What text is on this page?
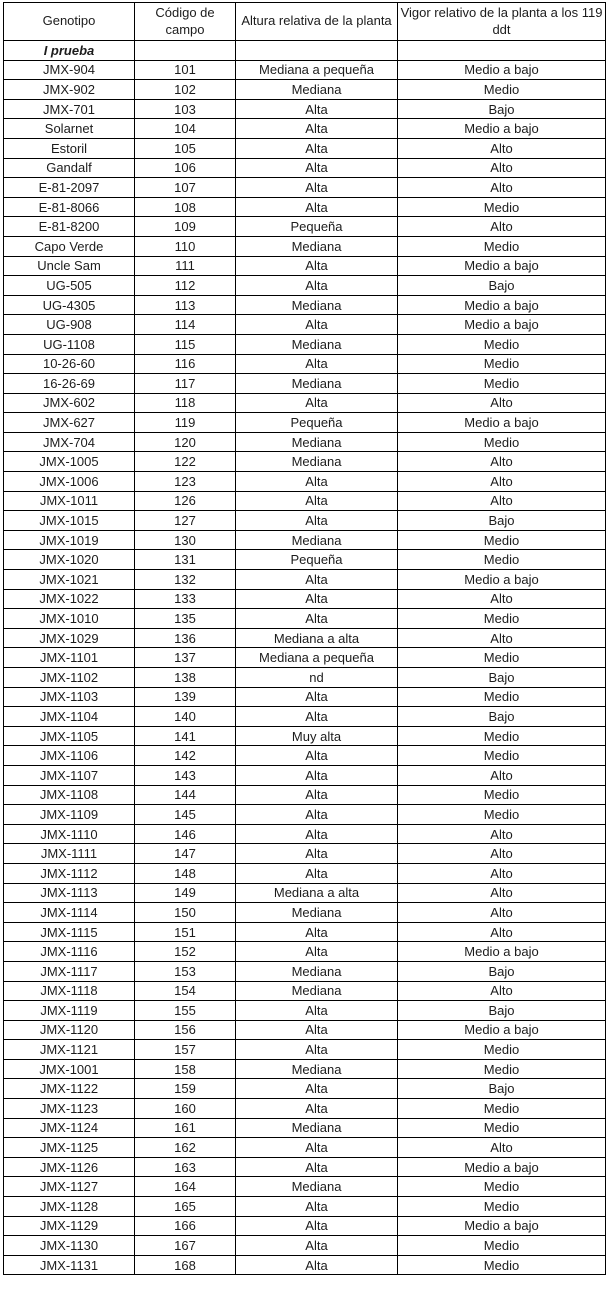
Genotipo	Código de campo	Altura relativa de la planta	Vigor relativo de la planta a los 119 ddt
I prueba			
JMX-904	101	Mediana a pequeña	Medio a bajo
JMX-902	102	Mediana	Medio
JMX-701	103	Alta	Bajo
Solarnet	104	Alta	Medio a bajo
Estoril	105	Alta	Alto
Gandalf	106	Alta	Alto
E-81-2097	107	Alta	Alto
E-81-8066	108	Alta	Medio
E-81-8200	109	Pequeña	Alto
Capo Verde	110	Mediana	Medio
Uncle Sam	111	Alta	Medio a bajo
UG-505	112	Alta	Bajo
UG-4305	113	Mediana	Medio a bajo
UG-908	114	Alta	Medio a bajo
UG-1108	115	Mediana	Medio
10-26-60	116	Alta	Medio
16-26-69	117	Mediana	Medio
JMX-602	118	Alta	Alto
JMX-627	119	Pequeña	Medio a bajo
JMX-704	120	Mediana	Medio
JMX-1005	122	Mediana	Alto
JMX-1006	123	Alta	Alto
JMX-1011	126	Alta	Alto
JMX-1015	127	Alta	Bajo
JMX-1019	130	Mediana	Medio
JMX-1020	131	Pequeña	Medio
JMX-1021	132	Alta	Medio a bajo
JMX-1022	133	Alta	Alto
JMX-1010	135	Alta	Medio
JMX-1029	136	Mediana a alta	Alto
JMX-1101	137	Mediana a pequeña	Medio
JMX-1102	138	nd	Bajo
JMX-1103	139	Alta	Medio
JMX-1104	140	Alta	Bajo
JMX-1105	141	Muy alta	Medio
JMX-1106	142	Alta	Medio
JMX-1107	143	Alta	Alto
JMX-1108	144	Alta	Medio
JMX-1109	145	Alta	Medio
JMX-1110	146	Alta	Alto
JMX-1111	147	Alta	Alto
JMX-1112	148	Alta	Alto
JMX-1113	149	Mediana a alta	Alto
JMX-1114	150	Mediana	Alto
JMX-1115	151	Alta	Alto
JMX-1116	152	Alta	Medio a bajo
JMX-1117	153	Mediana	Bajo
JMX-1118	154	Mediana	Alto
JMX-1119	155	Alta	Bajo
JMX-1120	156	Alta	Medio a bajo
JMX-1121	157	Alta	Medio
JMX-1001	158	Mediana	Medio
JMX-1122	159	Alta	Bajo
JMX-1123	160	Alta	Medio
JMX-1124	161	Mediana	Medio
JMX-1125	162	Alta	Alto
JMX-1126	163	Alta	Medio a bajo
JMX-1127	164	Mediana	Medio
JMX-1128	165	Alta	Medio
JMX-1129	166	Alta	Medio a bajo
JMX-1130	167	Alta	Medio
JMX-1131	168	Alta	Medio
